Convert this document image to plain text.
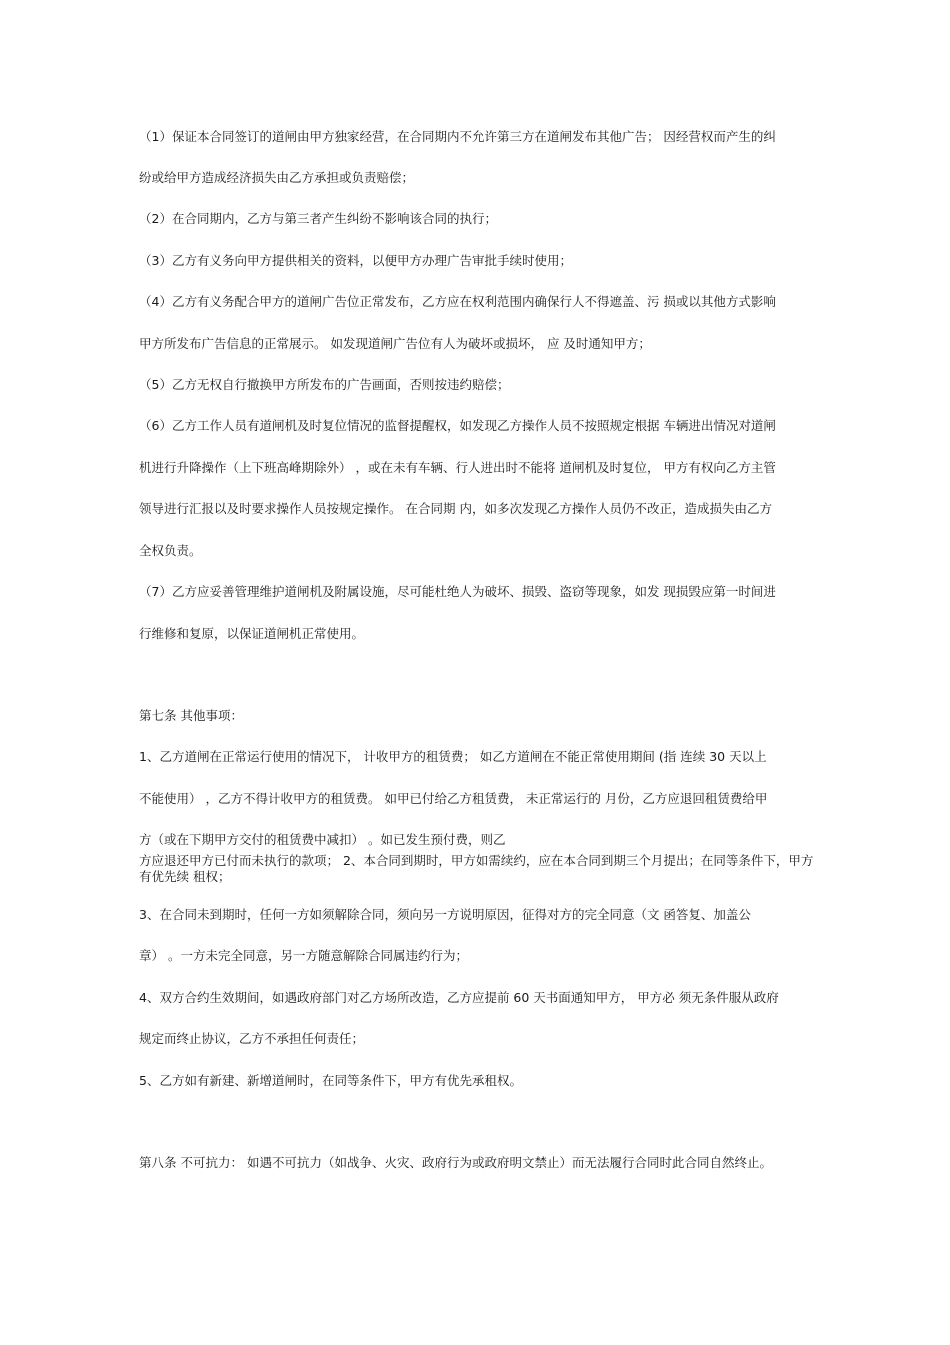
（1）保证本合同签订的道闸由甲方独家经营，在合同期内不允许第三方在道闸发布其他广告； 因经营权而产生的纠
纷或给甲方造成经济损失由乙方承担或负责赔偿；
（2）在合同期内，乙方与第三者产生纠纷不影响该合同的执行；
（3）乙方有义务向甲方提供相关的资料，以便甲方办理广告审批手续时使用；
（4）乙方有义务配合甲方的道闸广告位正常发布，乙方应在权利范围内确保行人不得遮盖、污 损或以其他方式影响
甲方所发布广告信息的正常展示。 如发现道闸广告位有人为破坏或损坏， 应 及时通知甲方；
（5）乙方无权自行撤换甲方所发布的广告画面，否则按违约赔偿；
（6）乙方工作人员有道闸机及时复位情况的监督提醒权，如发现乙方操作人员不按照规定根据 车辆进出情况对道闸
机进行升降操作（上下班高峰期除外） ，或在未有车辆、行人进出时不能将 道闸机及时复位， 甲方有权向乙方主管
领导进行汇报以及时要求操作人员按规定操作。 在合同期 内，如多次发现乙方操作人员仍不改正，造成损失由乙方
全权负责。
（7）乙方应妥善管理维护道闸机及附属设施，尽可能杜绝人为破坏、损毁、盗窃等现象，如发 现损毁应第一时间进
行维修和复原，以保证道闸机正常使用。
第七条 其他事项：
1、乙方道闸在正常运行使用的情况下， 计收甲方的租赁费； 如乙方道闸在不能正常使用期间 (指 连续 30 天以上
不能使用） ，乙方不得计收甲方的租赁费。 如甲已付给乙方租赁费， 未正常运行的 月份，乙方应退回租赁费给甲
方（或在下期甲方交付的租赁费中减扣） 。如已发生预付费，则乙
方应退还甲方已付而未执行的款项； 2、本合同到期时，甲方如需续约，应在本合同到期三个月提出；在同等条件下，甲方有优先续 租权；
3、在合同未到期时，任何一方如须解除合同，须向另一方说明原因，征得对方的完全同意（文 函答复、加盖公
章） 。一方未完全同意，另一方随意解除合同属违约行为；
4、双方合约生效期间，如遇政府部门对乙方场所改造，乙方应提前 60 天书面通知甲方， 甲方必 须无条件服从政府
规定而终止协议，乙方不承担任何责任；
5、乙方如有新建、新增道闸时，在同等条件下，甲方有优先承租权。
第八条 不可抗力： 如遇不可抗力（如战争、火灾、政府行为或政府明文禁止）而无法履行合同时此合同自然终止。
